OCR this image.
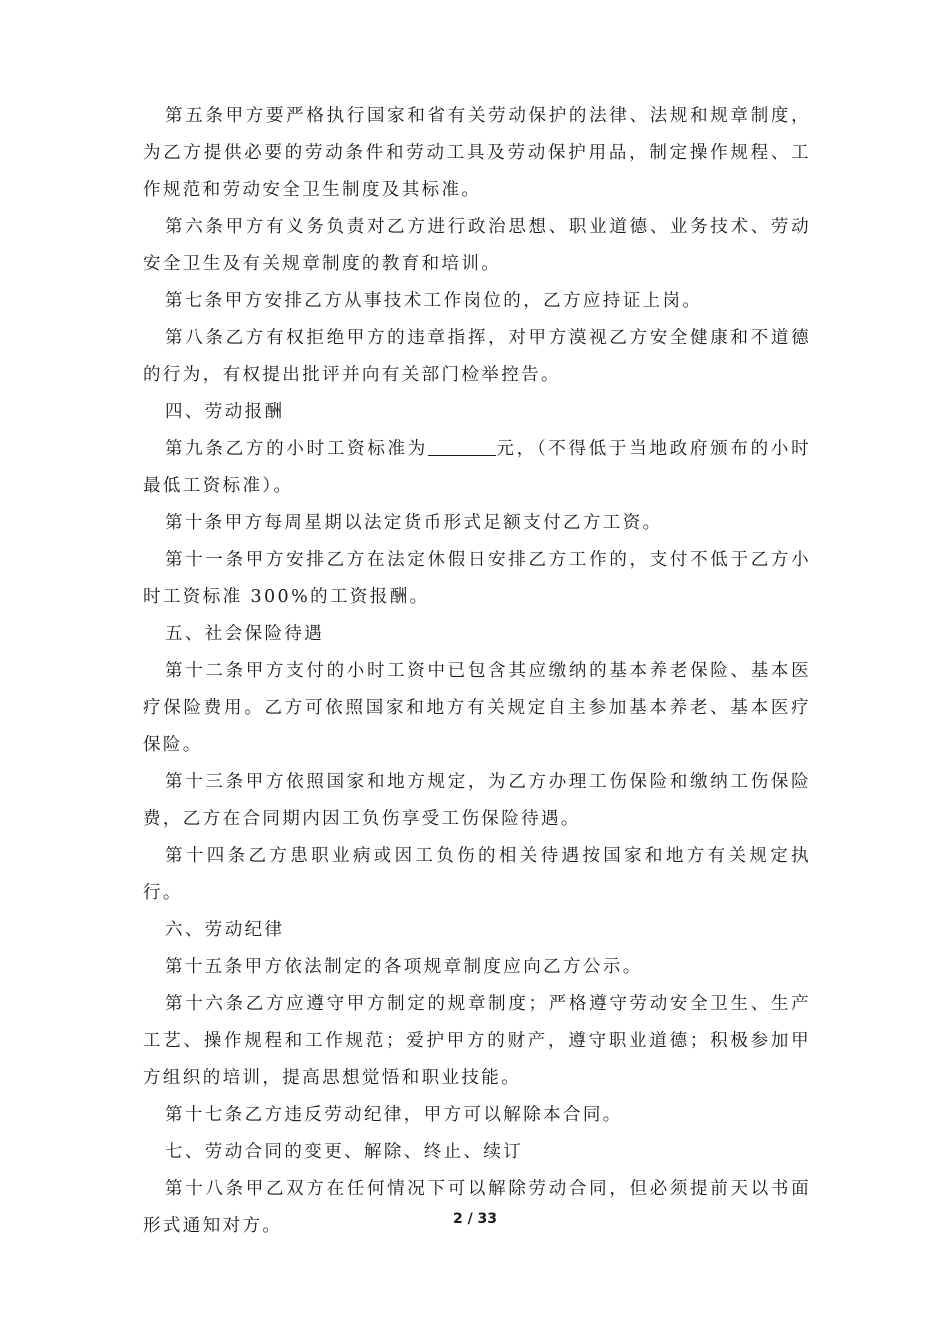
第五条甲方要严格执行国家和省有关劳动保护的法律、法规和规章制度，为乙方提供必要的劳动条件和劳动工具及劳动保护用品，制定操作规程、工作规范和劳动安全卫生制度及其标准。

第六条甲方有义务负责对乙方进行政治思想、职业道德、业务技术、劳动安全卫生及有关规章制度的教育和培训。

第七条甲方安排乙方从事技术工作岗位的，乙方应持证上岗。

第八条乙方有权拒绝甲方的违章指挥，对甲方漠视乙方安全健康和不道德的行为，有权提出批评并向有关部门检举控告。

四、劳动报酬

第九条乙方的小时工资标准为	元，（不得低于当地政府颁布的小时最低工资标准）。

第十条甲方每周星期以法定货币形式足额支付乙方工资。

第十一条甲方安排乙方在法定休假日安排乙方工作的，支付不低于乙方小时工资标准 300%的工资报酬。

五、社会保险待遇

第十二条甲方支付的小时工资中已包含其应缴纳的基本养老保险、基本医疗保险费用。乙方可依照国家和地方有关规定自主参加基本养老、基本医疗保险。

第十三条甲方依照国家和地方规定，为乙方办理工伤保险和缴纳工伤保险费，乙方在合同期内因工负伤享受工伤保险待遇。

第十四条乙方患职业病或因工负伤的相关待遇按国家和地方有关规定执行。

六、劳动纪律

第十五条甲方依法制定的各项规章制度应向乙方公示。

第十六条乙方应遵守甲方制定的规章制度；严格遵守劳动安全卫生、生产工艺、操作规程和工作规范；爱护甲方的财产，遵守职业道德；积极参加甲方组织的培训，提高思想觉悟和职业技能。

第十七条乙方违反劳动纪律，甲方可以解除本合同。

七、劳动合同的变更、解除、终止、续订

第十八条甲乙双方在任何情况下可以解除劳动合同，但必须提前天以书面形式通知对方。	2 / 33
